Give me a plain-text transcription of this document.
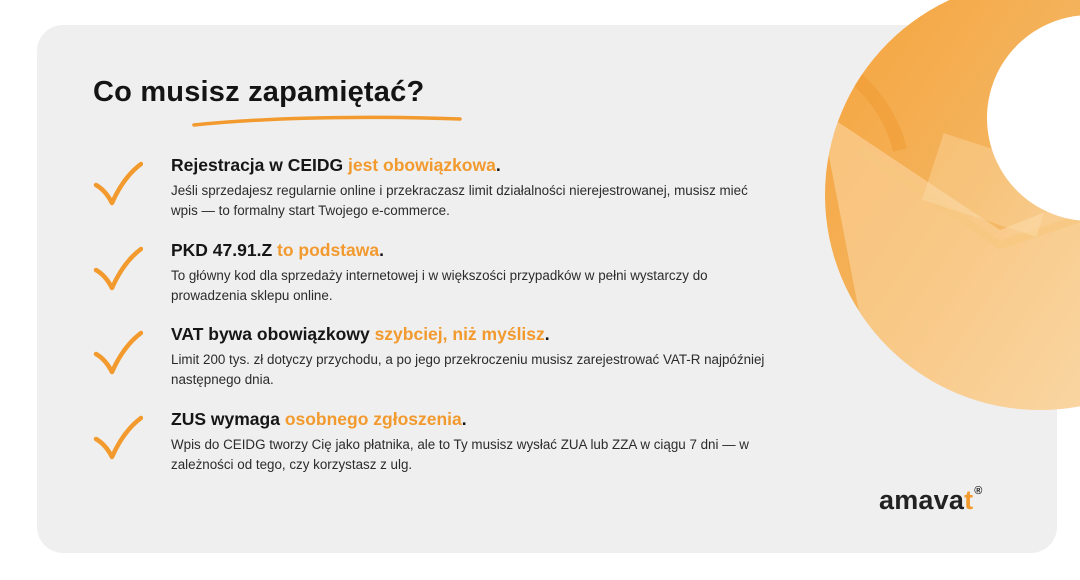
Co musisz zapamiętać?

Rejestracja w CEIDG jest obowiązkowa.

Jeśli sprzedajesz regularnie online i przekraczasz limit działalności nierejestrowanej, musisz mieć wpis — to formalny start Twojego e-commerce.

PKD 47.91.Z to podstawa.

To główny kod dla sprzedaży internetowej i w większości przypadków w pełni wystarczy do prowadzenia sklepu online.

VAT bywa obowiązkowy szybciej, niż myślisz.

Limit 200 tys. zł dotyczy przychodu, a po jego przekroczeniu musisz zarejestrować VAT-R najpóźniej następnego dnia.

ZUS wymaga osobnego zgłoszenia.

Wpis do CEIDG tworzy Cię jako płatnika, ale to Ty musisz wysłać ZUA lub ZZA w ciągu 7 dni — w zależności od tego, czy korzystasz z ulg.

amavat®
